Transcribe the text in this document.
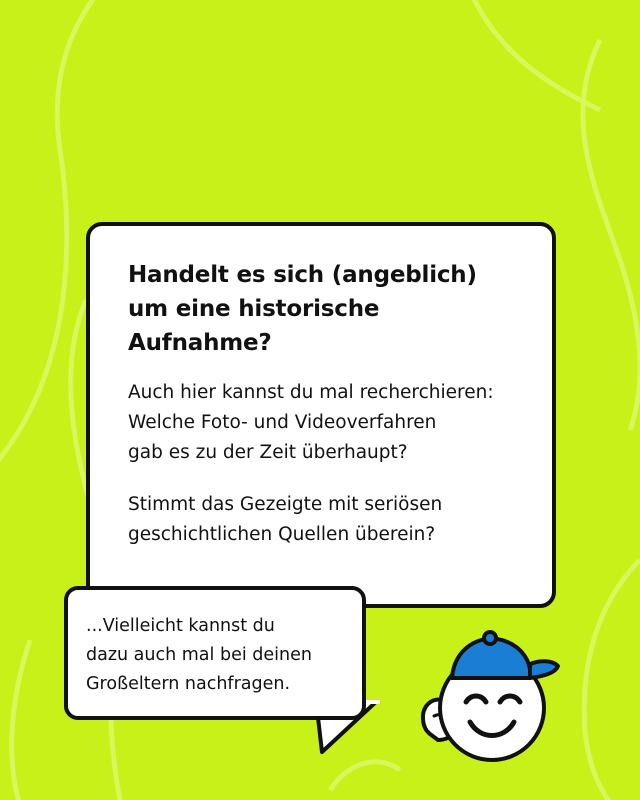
Handelt es sich (angeblich)
um eine historische
Aufnahme?

Auch hier kannst du mal recherchieren:
Welche Foto- und Videoverfahren
gab es zu der Zeit überhaupt?

Stimmt das Gezeigte mit seriösen
geschichtlichen Quellen überein?

...Vielleicht kannst du
dazu auch mal bei deinen
Großeltern nachfragen.
